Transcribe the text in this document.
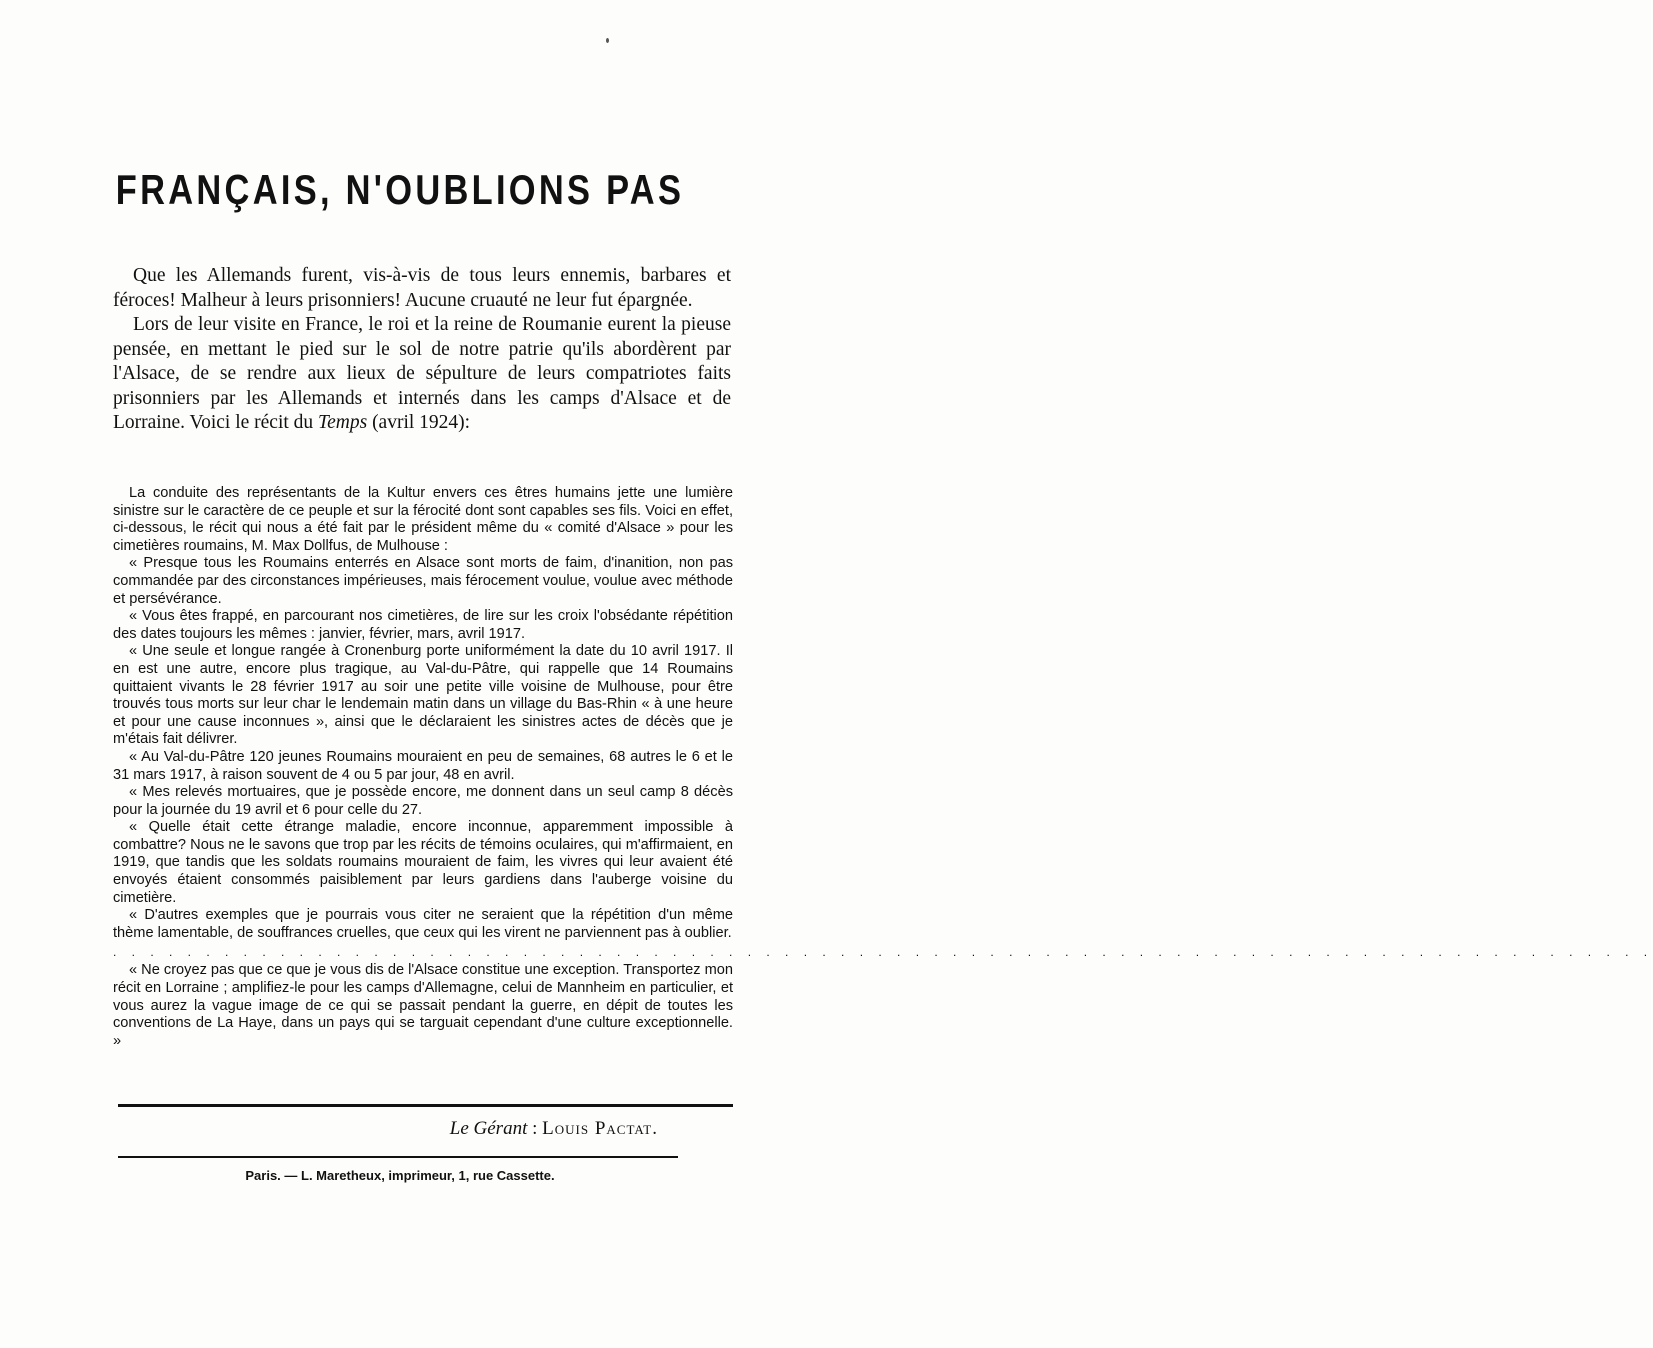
FRANÇAIS, N'OUBLIONS PAS

Que les Allemands furent, vis-à-vis de tous leurs ennemis, barbares et féroces! Malheur à leurs prisonniers! Aucune cruauté ne leur fut épargnée.

Lors de leur visite en France, le roi et la reine de Roumanie eurent la pieuse pensée, en mettant le pied sur le sol de notre patrie qu'ils abordèrent par l'Alsace, de se rendre aux lieux de sépulture de leurs compatriotes faits prisonniers par les Allemands et internés dans les camps d'Alsace et de Lorraine. Voici le récit du Temps (avril 1924):

La conduite des représentants de la Kultur envers ces êtres humains jette une lumière sinistre sur le caractère de ce peuple et sur la férocité dont sont capables ses fils. Voici en effet, ci-dessous, le récit qui nous a été fait par le président même du « comité d'Alsace » pour les cimetières roumains, M. Max Dollfus, de Mulhouse :

« Presque tous les Roumains enterrés en Alsace sont morts de faim, d'inanition, non pas commandée par des circonstances impérieuses, mais férocement voulue, voulue avec méthode et persévérance.

« Vous êtes frappé, en parcourant nos cimetières, de lire sur les croix l'obsédante répétition des dates toujours les mêmes : janvier, février, mars, avril 1917.

« Une seule et longue rangée à Cronenburg porte uniformément la date du 10 avril 1917. Il en est une autre, encore plus tragique, au Val-du-Pâtre, qui rappelle que 14 Roumains quittaient vivants le 28 février 1917 au soir une petite ville voisine de Mulhouse, pour être trouvés tous morts sur leur char le lendemain matin dans un village du Bas-Rhin « à une heure et pour une cause inconnues », ainsi que le déclaraient les sinistres actes de décès que je m'étais fait délivrer.

« Au Val-du-Pâtre 120 jeunes Roumains mouraient en peu de semaines, 68 autres le 6 et le 31 mars 1917, à raison souvent de 4 ou 5 par jour, 48 en avril.

« Mes relevés mortuaires, que je possède encore, me donnent dans un seul camp 8 décès pour la journée du 19 avril et 6 pour celle du 27.

« Quelle était cette étrange maladie, encore inconnue, apparemment impossible à combattre? Nous ne le savons que trop par les récits de témoins oculaires, qui m'affirmaient, en 1919, que tandis que les soldats roumains mouraient de faim, les vivres qui leur avaient été envoyés étaient consommés paisiblement par leurs gardiens dans l'auberge voisine du cimetière.

« D'autres exemples que je pourrais vous citer ne seraient que la répétition d'un même thème lamentable, de souffrances cruelles, que ceux qui les virent ne parviennent pas à oublier.

. . . . . . . . . . . . . . . . . . . . . . . . . . . . . . . . . . . . . . . . . . . . . . . . . . . . . . . . . . . . . . . . . . . . . . . . . . . . . . . . . . .

« Ne croyez pas que ce que je vous dis de l'Alsace constitue une exception. Transportez mon récit en Lorraine ; amplifiez-le pour les camps d'Allemagne, celui de Mannheim en particulier, et vous aurez la vague image de ce qui se passait pendant la guerre, en dépit de toutes les conventions de La Haye, dans un pays qui se targuait cependant d'une culture exceptionnelle. »

Le Gérant : Louis Pactat.
Paris. — L. Maretheux, imprimeur, 1, rue Cassette.
